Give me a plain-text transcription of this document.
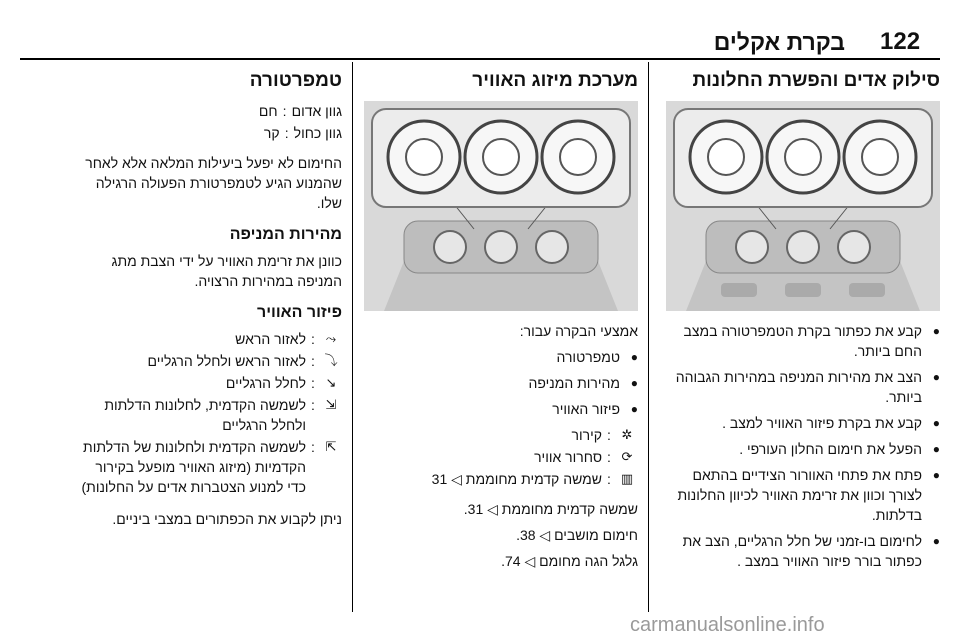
122
בקרת אקלים
סילוק אדים והפשרת החלונות
● קבע את כפתור בקרת הטמפרטורה במצב החם ביותר.
● הצב את מהירות המניפה במהירות הגבוהה ביותר.
● קבע את בקרת פיזור האוויר למצב .
● הפעל את חימום החלון העורפי .
● פתח את פתחי האוורור הצידיים בהתאם לצורך וכוון את זרימת האוויר לכיוון החלונות בדלתות.
● לחימום בו-זמני של חלל הרגליים, הצב את כפתור בורר פיזור האוויר במצב .
מערכת מיזוג האוויר

אמצעי הבקרה עבור:

● טמפרטורה
● מהירות המניפה
● פיזור האוויר
✲
:
קירור
⟳
:
סחרור אוויר
▥
:
שמשה קדמית מחוממת ◁ 31

שמשה קדמית מחוממת ◁ 31.

חימום מושבים ◁ 38.

גלגל הגה מחומם ◁ 74.

טמפרטורה
גוון אדום
:
חם
גוון כחול
:
קר

החימום לא יפעל ביעילות המלאה אלא לאחר שהמנוע הגיע לטמפרטורת הפעולה הרגילה שלו.

מהירות המניפה

כוונן את זרימת האוויר על ידי הצבת מתג המניפה במהירות הרצויה.

פיזור האוויר
⤳
:
לאזור הראש
⤵
:
לאזור הראש ולחלל הרגליים
↘
:
לחלל הרגליים
⇲
:
לשמשה הקדמית, לחלונות הדלתות ולחלל הרגליים
⇱
:
לשמשה הקדמית ולחלונות של הדלתות הקדמיות (מיזוג האוויר מופעל בקירור כדי למנוע הצטברות אדים על החלונות)

ניתן לקבוע את הכפתורים במצבי ביניים.

carmanualsonline.info
